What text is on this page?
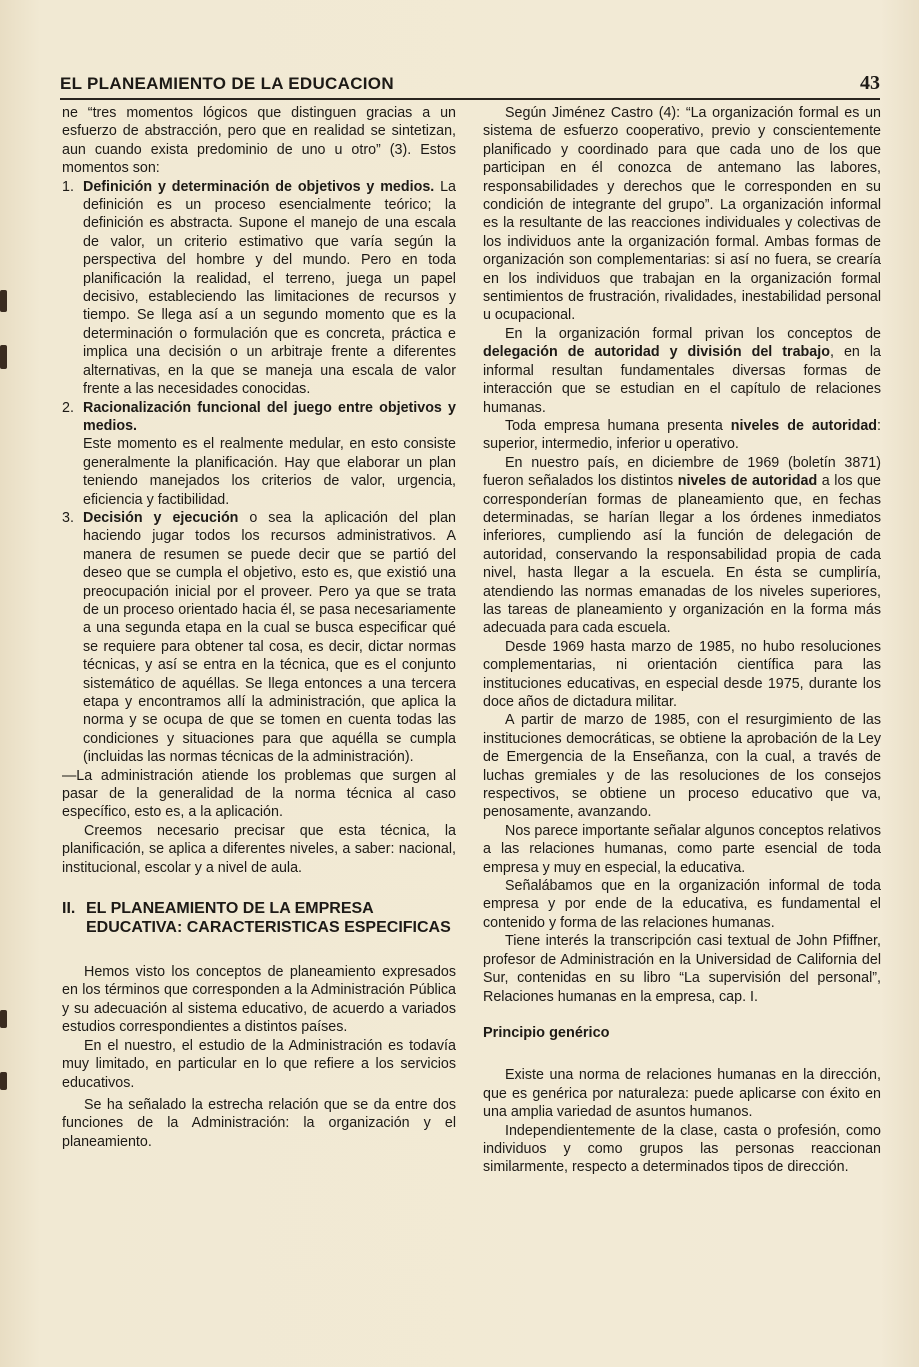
EL PLANEAMIENTO DE LA EDUCACION	43

ne “tres momentos lógicos que distinguen gracias a un esfuerzo de abstracción, pero que en realidad se sintetizan, aun cuando exista predominio de uno u otro” (3). Estos momentos son:

1. Definición y determinación de objetivos y medios. La definición es un proceso esencialmente teórico; la definición es abstracta. Supone el manejo de una escala de valor, un criterio estimativo que varía según la perspectiva del hombre y del mundo. Pero en toda planificación la realidad, el terreno, juega un papel decisivo, estableciendo las limitaciones de recursos y tiempo. Se llega así a un segundo momento que es la determinación o formulación que es concreta, práctica e implica una decisión o un arbitraje frente a diferentes alternativas, en la que se maneja una escala de valor frente a las necesidades conocidas.
2. Racionalización funcional del juego entre objetivos y medios.
Este momento es el realmente medular, en esto consiste generalmente la planificación. Hay que elaborar un plan teniendo manejados los criterios de valor, urgencia, eficiencia y factibilidad.
3. Decisión y ejecución o sea la aplicación del plan haciendo jugar todos los recursos administrativos. A manera de resumen se puede decir que se partió del deseo que se cumpla el objetivo, esto es, que existió una preocupación inicial por el proveer. Pero ya que se trata de un proceso orientado hacia él, se pasa necesariamente a una segunda etapa en la cual se busca especificar qué se requiere para obtener tal cosa, es decir, dictar normas técnicas, y así se entra en la técnica, que es el conjunto sistemático de aquéllas. Se llega entonces a una tercera etapa y encontramos allí la administración, que aplica la norma y se ocupa de que se tomen en cuenta todas las condiciones y situaciones para que aquélla se cumpla (incluidas las normas técnicas de la administración).

—La administración atiende los problemas que surgen al pasar de la generalidad de la norma técnica al caso específico, esto es, a la aplicación.

Creemos necesario precisar que esta técnica, la planificación, se aplica a diferentes niveles, a saber: nacional, institucional, escolar y a nivel de aula.

II. EL PLANEAMIENTO DE LA EMPRESA EDUCATIVA: CARACTERISTICAS ESPECIFICAS

Hemos visto los conceptos de planeamiento expresados en los términos que corresponden a la Administración Pública y su adecuación al sistema educativo, de acuerdo a variados estudios correspondientes a distintos países.

En el nuestro, el estudio de la Administración es todavía muy limitado, en particular en lo que refiere a los servicios educativos.

Se ha señalado la estrecha relación que se da entre dos funciones de la Administración: la organización y el planeamiento.

Según Jiménez Castro (4): “La organización formal es un sistema de esfuerzo cooperativo, previo y conscientemente planificado y coordinado para que cada uno de los que participan en él conozca de antemano las labores, responsabilidades y derechos que le corresponden en su condición de integrante del grupo”. La organización informal es la resultante de las reacciones individuales y colectivas de los individuos ante la organización formal. Ambas formas de organización son complementarias: si así no fuera, se crearía en los individuos que trabajan en la organización formal sentimientos de frustración, rivalidades, inestabilidad personal u ocupacional.

En la organización formal privan los conceptos de delegación de autoridad y división del trabajo, en la informal resultan fundamentales diversas formas de interacción que se estudian en el capítulo de relaciones humanas.

Toda empresa humana presenta niveles de autoridad: superior, intermedio, inferior u operativo.

En nuestro país, en diciembre de 1969 (boletín 3871) fueron señalados los distintos niveles de autoridad a los que corresponderían formas de planeamiento que, en fechas determinadas, se harían llegar a los órdenes inmediatos inferiores, cumpliendo así la función de delegación de autoridad, conservando la responsabilidad propia de cada nivel, hasta llegar a la escuela. En ésta se cumpliría, atendiendo las normas emanadas de los niveles superiores, las tareas de planeamiento y organización en la forma más adecuada para cada escuela.

Desde 1969 hasta marzo de 1985, no hubo resoluciones complementarias, ni orientación científica para las instituciones educativas, en especial desde 1975, durante los doce años de dictadura militar.

A partir de marzo de 1985, con el resurgimiento de las instituciones democráticas, se obtiene la aprobación de la Ley de Emergencia de la Enseñanza, con la cual, a través de luchas gremiales y de las resoluciones de los consejos respectivos, se obtiene un proceso educativo que va, penosamente, avanzando.

Nos parece importante señalar algunos conceptos relativos a las relaciones humanas, como parte esencial de toda empresa y muy en especial, la educativa.

Señalábamos que en la organización informal de toda empresa y por ende de la educativa, es fundamental el contenido y forma de las relaciones humanas.

Tiene interés la transcripción casi textual de John Pfiffner, profesor de Administración en la Universidad de California del Sur, contenidas en su libro “La supervisión del personal”, Relaciones humanas en la empresa, cap. I.

Principio genérico

Existe una norma de relaciones humanas en la dirección, que es genérica por naturaleza: puede aplicarse con éxito en una amplia variedad de asuntos humanos.

Independientemente de la clase, casta o profesión, como individuos y como grupos las personas reaccionan similarmente, respecto a determinados tipos de dirección.
